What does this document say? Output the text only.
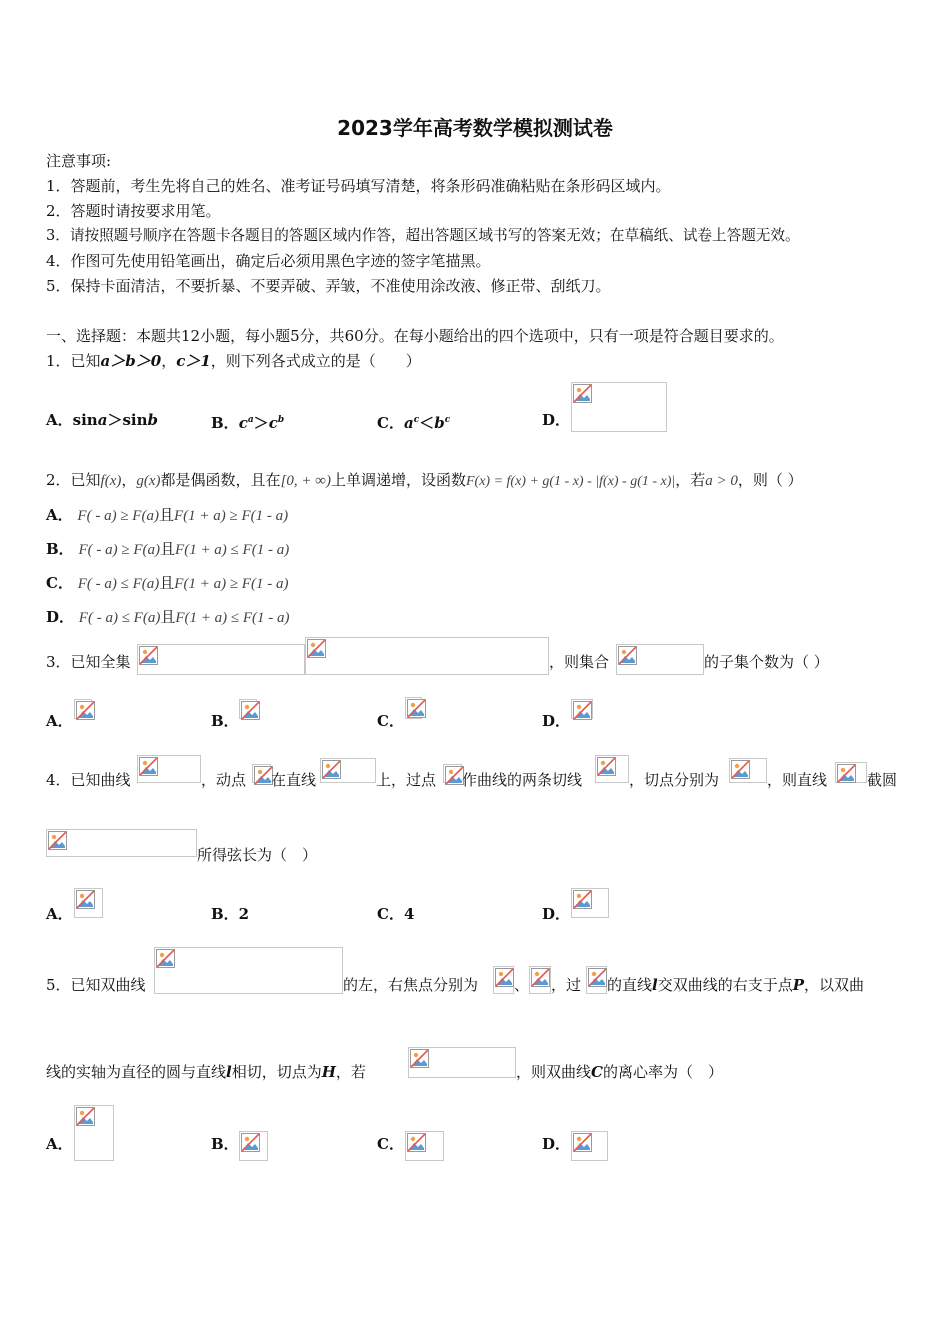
2023学年高考数学模拟测试卷
注意事项:
1．答题前，考生先将自己的姓名、准考证号码填写清楚，将条形码准确粘贴在条形码区域内。
2．答题时请按要求用笔。
3．请按照题号顺序在答题卡各题目的答题区域内作答，超出答题区域书写的答案无效；在草稿纸、试卷上答题无效。
4．作图可先使用铅笔画出，确定后必须用黑色字迹的签字笔描黑。
5．保持卡面清洁，不要折暴、不要弄破、弄皱，不准使用涂改液、修正带、刮纸刀。
一、选择题：本题共12小题，每小题5分，共60分。在每小题给出的四个选项中，只有一项是符合题目要求的。
1．已知a＞b＞0，c＞1，则下列各式成立的是（　　）
A．sina＞sinb	B．$c^a>c^b$	C．$a^c<b^c$	D．
2．已知f(x)，g(x)都是偶函数，且在[0, + ∞)上单调递增，设函数F(x) = f(x) + g(1 - x) - |f(x) - g(1 - x)|，若a > 0，则（ ）
A． F( - a) ≥ F(a)且F(1 + a) ≥ F(1 - a)
B． F( - a) ≥ F(a)且F(1 + a) ≤ F(1 - a)
C． F( - a) ≤ F(a)且F(1 + a) ≥ F(1 - a)
D． F( - a) ≤ F(a)且F(1 + a) ≤ F(1 - a)
3．已知全集	，则集合	的子集个数为（ ）
A．	B．	C．	D．
4．已知曲线	，动点 在直线	上，过点 作曲线的两条切线	，切点分别为	，则直线	截圆
所得弦长为（　）
A．	B．2	C．4	D．
5．已知双曲线	的左，右焦点分别为 、 ，过 的直线l交双曲线的右支于点P，以双曲
线的实轴为直径的圆与直线l相切，切点为H，若	，则双曲线C的离心率为（　）
A．	B．	C．	D．
